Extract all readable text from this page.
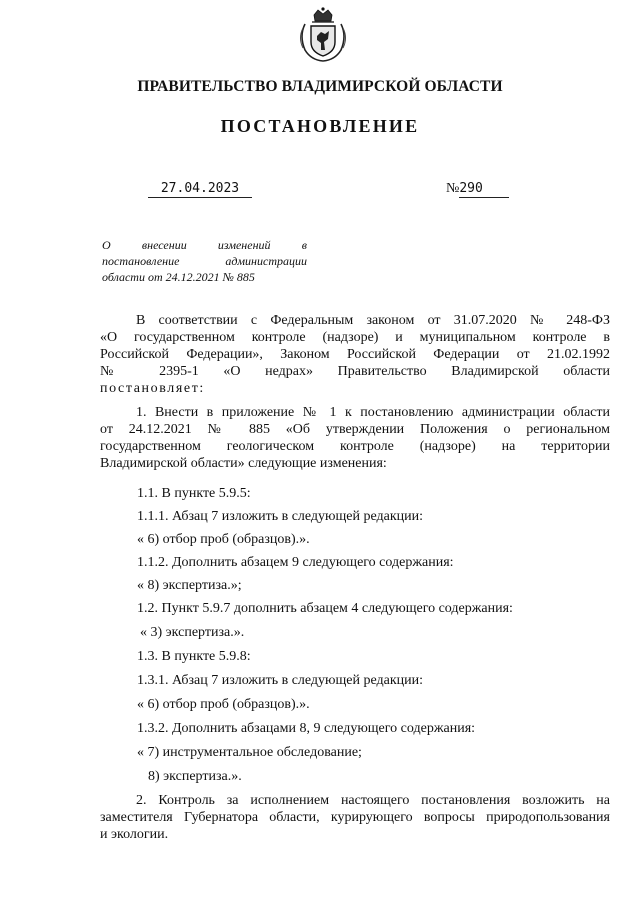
ПРАВИТЕЛЬСТВО ВЛАДИМИРСКОЙ ОБЛАСТИ
ПОСТАНОВЛЕНИЕ
27.04.2023	№290
О внесении изменений в
постановление администрации
области от 24.12.2021 № 885
В соответствии с Федеральным законом от 31.07.2020 № 248-ФЗ
«О государственном контроле (надзоре) и муниципальном контроле в
Российской Федерации», Законом Российской Федерации от 21.02.1992
№ 2395-1 «О недрах» Правительство Владимирской области
постановляет:
1. Внести в приложение № 1 к постановлению администрации области
от 24.12.2021 № 885 «Об утверждении Положения о региональном
государственном геологическом контроле (надзоре) на территории
Владимирской области» следующие изменения:
1.1. В пункте 5.9.5:
1.1.1. Абзац 7 изложить в следующей редакции:
« 6) отбор проб (образцов).».
1.1.2. Дополнить абзацем 9 следующего содержания:
« 8) экспертиза.»;
1.2. Пункт 5.9.7 дополнить абзацем 4 следующего содержания:
« 3) экспертиза.».
1.3. В пункте 5.9.8:
1.3.1. Абзац 7 изложить в следующей редакции:
« 6) отбор проб (образцов).».
1.3.2. Дополнить абзацами 8, 9 следующего содержания:
« 7) инструментальное обследование;
8) экспертиза.».
2. Контроль за исполнением настоящего постановления возложить на
заместителя Губернатора области, курирующего вопросы природопользования
и экологии.
